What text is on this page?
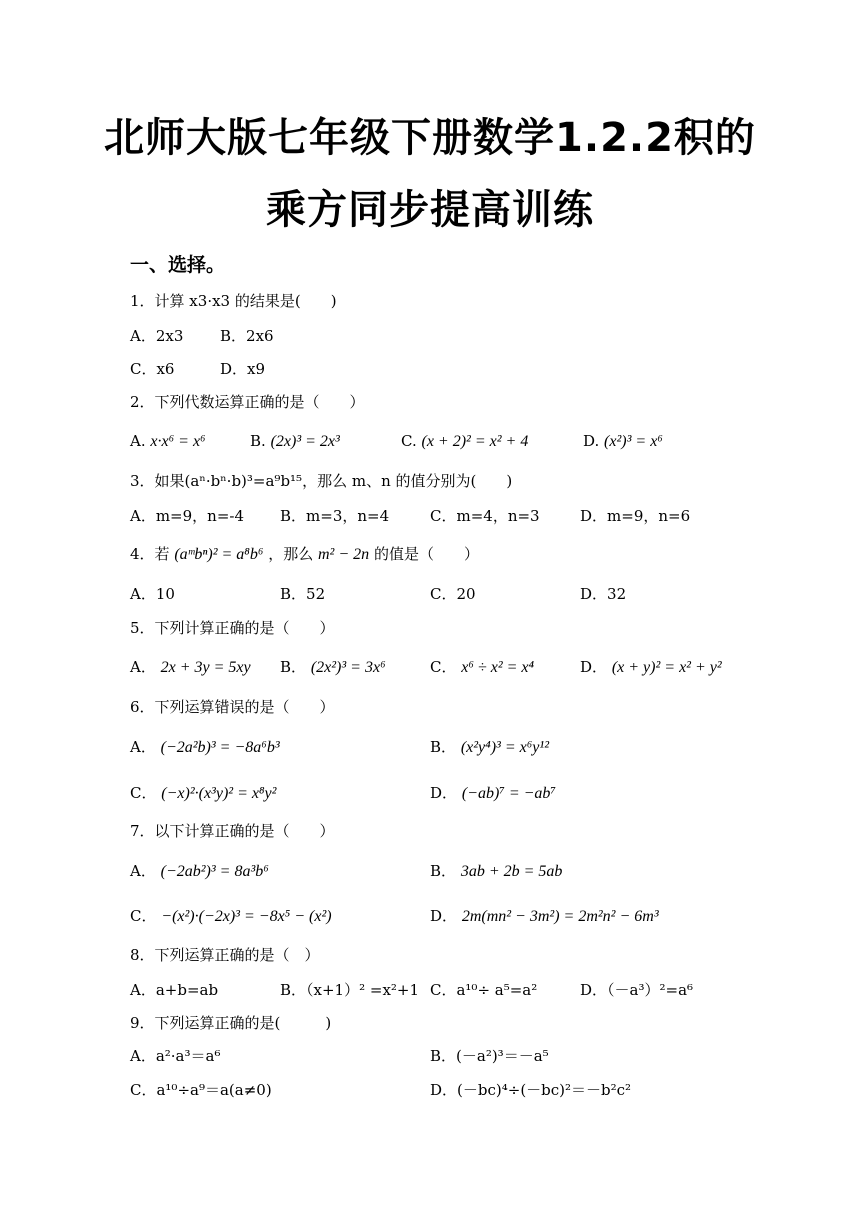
北师大版七年级下册数学1.2.2积的
乘方同步提高训练
一、选择。
1．计算 x3·x3 的结果是(　　)
A．2x3 B．2x6
C．x6	D．x9
2．下列代数运算正确的是（　　）
A. x·x⁶ = x⁶	B. (2x)³ = 2x³	C. (x + 2)² = x² + 4	D. (x²)³ = x⁶
3．如果(aⁿ·bⁿ·b)³=a⁹b¹⁵，那么 m、n 的值分别为(　　)
A．m=9，n=-4 B．m=3，n=4	C．m=4，n=3	D．m=9，n=6
4．若 (aᵐbⁿ)² = a⁸b⁶ ，那么 m² − 2n 的值是（　　）
A．10	B．52	C．20	D．32
5．下列计算正确的是（　　）
A． 2x + 3y = 5xy B． (2x²)³ = 3x⁶	C． x⁶ ÷ x² = x⁴	D． (x + y)² = x² + y²
6．下列运算错误的是（　　）
A． (−2a²b)³ = −8a⁶b³	B． (x²y⁴)³ = x⁶y¹²
C． (−x)²·(x³y)² = x⁸y²	D． (−ab)⁷ = −ab⁷
7．以下计算正确的是（　　）
A． (−2ab²)³ = 8a³b⁶	B． 3ab + 2b = 5ab
C． −(x²)·(−2x)³ = −8x⁵ − (x²)	D． 2m(mn² − 3m²) = 2m²n² − 6m³
8．下列运算正确的是（　）
A．a+b=ab	B．（x+1）² =x²+1 C．a¹⁰÷ a⁵=a²	D．（－a³）²=a⁶
9．下列运算正确的是(　　　)
A．a²·a³＝a⁶	B．(－a²)³＝－a⁵
C．a¹⁰÷a⁹＝a(a≠0)	D．(－bc)⁴÷(－bc)²＝－b²c²
